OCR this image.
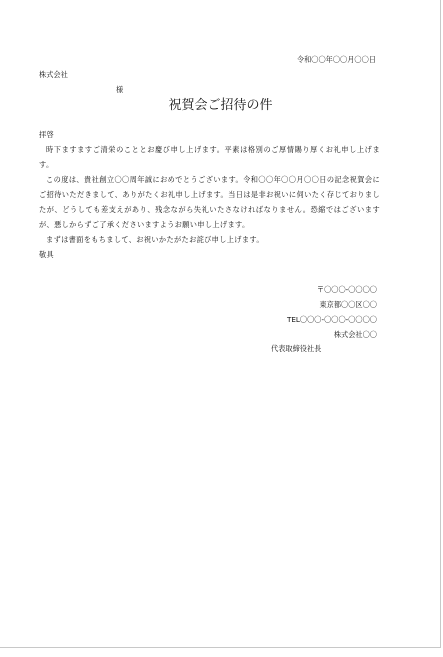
令和〇〇年〇〇月〇〇日
株式会社
様
祝賀会ご招待の件

拝啓

時下ますますご清栄のこととお慶び申し上げます。平素は格別のご厚情賜り厚くお礼申し上げます。

この度は、貴社創立〇〇周年誠におめでとうございます。令和〇〇年〇〇月〇〇日の記念祝賀会にご招待いただきまして、ありがたくお礼申し上げます。当日は是非お祝いに伺いたく存じておりましたが、どうしても差支えがあり、残念ながら失礼いたさなければなりません。恐縮ではございますが、悪しからずご了承くださいますようお願い申し上げます。

まずは書面をもちまして、お祝いかたがたお詫び申し上げます。

敬具

〒〇〇〇-〇〇〇〇
東京都〇〇区〇〇
TEL〇〇〇-〇〇〇-〇〇〇〇
株式会社〇〇
代表取締役社長
